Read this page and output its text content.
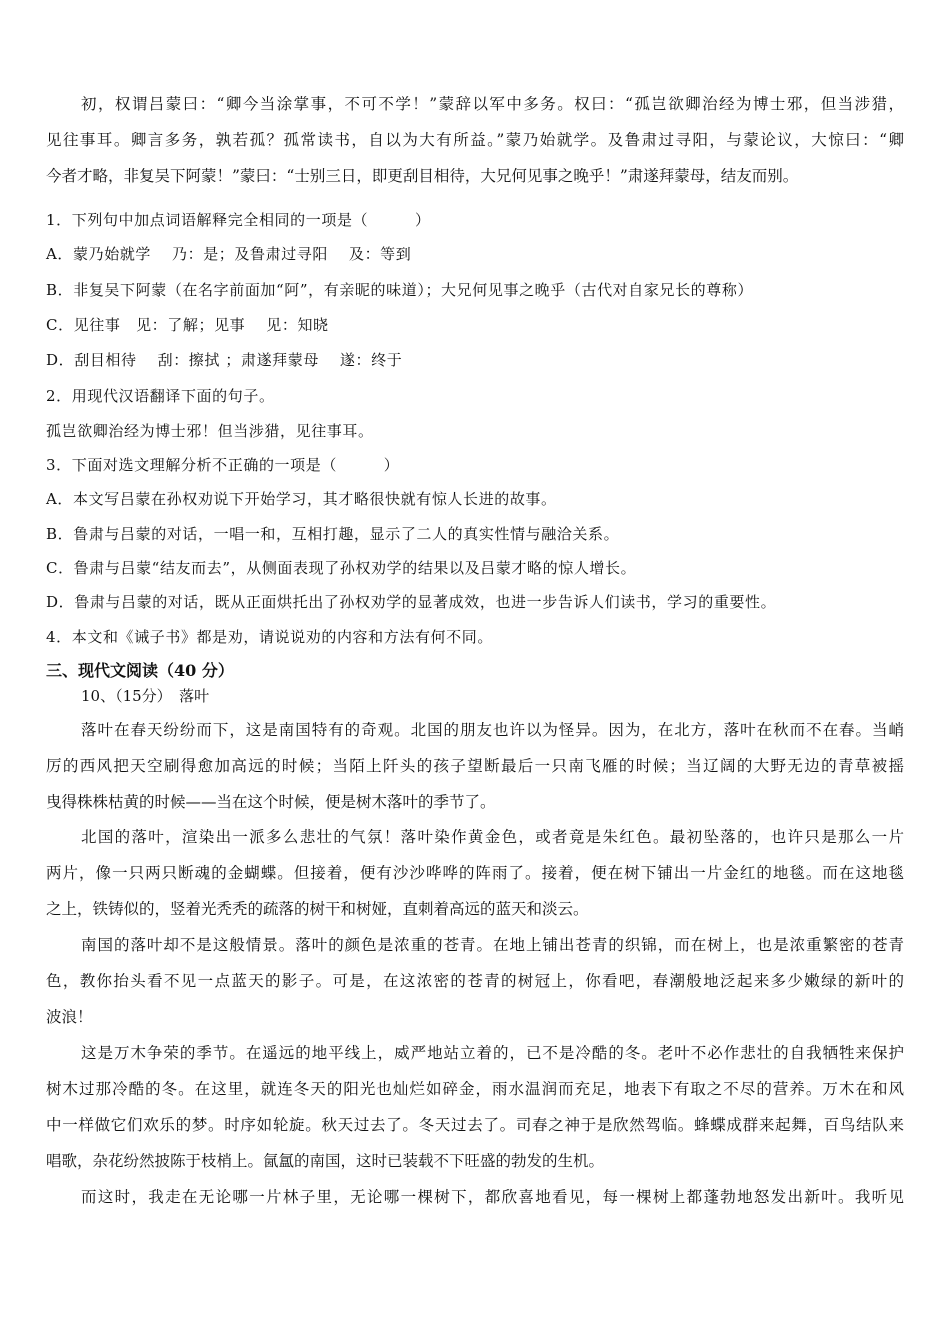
初，权谓吕蒙曰：“卿今当涂掌事，不可不学！”蒙辞以军中多务。权曰：“孤岂欲卿治经为博士邪，但当涉猎，
见往事耳。卿言多务，孰若孤？孤常读书，自以为大有所益。”蒙乃始就学。及鲁肃过寻阳，与蒙论议，大惊曰：“卿
今者才略，非复吴下阿蒙！”蒙曰：“士别三日，即更刮目相待，大兄何见事之晚乎！”肃遂拜蒙母，结友而别。
1．下列句中加点词语解释完全相同的一项是（　　　）
A．蒙乃始就学　 乃：是；及鲁肃过寻阳　 及：等到
B．非复吴下阿蒙（在名字前面加“阿”，有亲昵的味道）；大兄何见事之晚乎（古代对自家兄长的尊称）
C．见往事　见：了解；见事　 见：知晓
D．刮目相待　 刮：擦拭 ；肃遂拜蒙母　 遂：终于
2．用现代汉语翻译下面的句子。
孤岂欲卿治经为博士邪！但当涉猎，见往事耳。
3．下面对选文理解分析不正确的一项是（　　　）
A．本文写吕蒙在孙权劝说下开始学习，其才略很快就有惊人长进的故事。
B．鲁肃与吕蒙的对话，一唱一和，互相打趣，显示了二人的真实性情与融洽关系。
C．鲁肃与吕蒙“结友而去”，从侧面表现了孙权劝学的结果以及吕蒙才略的惊人增长。
D．鲁肃与吕蒙的对话，既从正面烘托出了孙权劝学的显著成效，也进一步告诉人们读书，学习的重要性。
4．本文和《诫子书》都是劝，请说说劝的内容和方法有何不同。
三、现代文阅读（40 分）
10、（15分）　落叶
落叶在春天纷纷而下，这是南国特有的奇观。北国的朋友也许以为怪异。因为，在北方，落叶在秋而不在春。当峭
厉的西风把天空刷得愈加高远的时候；当陌上阡头的孩子望断最后一只南飞雁的时候；当辽阔的大野无边的青草被摇
曳得株株枯黄的时候——当在这个时候，便是树木落叶的季节了。
北国的落叶，渲染出一派多么悲壮的气氛！落叶染作黄金色，或者竟是朱红色。最初坠落的，也许只是那么一片
两片，像一只两只断魂的金蝴蝶。但接着，便有沙沙哗哗的阵雨了。接着，便在树下铺出一片金红的地毯。而在这地毯
之上，铁铸似的，竖着光秃秃的疏落的树干和树娅，直刺着高远的蓝天和淡云。
南国的落叶却不是这般情景。落叶的颜色是浓重的苍青。在地上铺出苍青的织锦，而在树上，也是浓重繁密的苍青
色，教你抬头看不见一点蓝天的影子。可是，在这浓密的苍青的树冠上，你看吧，春潮般地泛起来多少嫩绿的新叶的
波浪！
这是万木争荣的季节。在遥远的地平线上，威严地站立着的，已不是冷酷的冬。老叶不必作悲壮的自我牺牲来保护
树木过那冷酷的冬。在这里，就连冬天的阳光也灿烂如碎金，雨水温润而充足，地表下有取之不尽的营养。万木在和风
中一样做它们欢乐的梦。时序如轮旋。秋天过去了。冬天过去了。司春之神于是欣然驾临。蜂蝶成群来起舞，百鸟结队来
唱歌，杂花纷然披陈于枝梢上。氤氲的南国，这时已装载不下旺盛的勃发的生机。
而这时，我走在无论哪一片林子里，无论哪一棵树下，都欣喜地看见，每一棵树上都蓬勃地怒发出新叶。我听见
